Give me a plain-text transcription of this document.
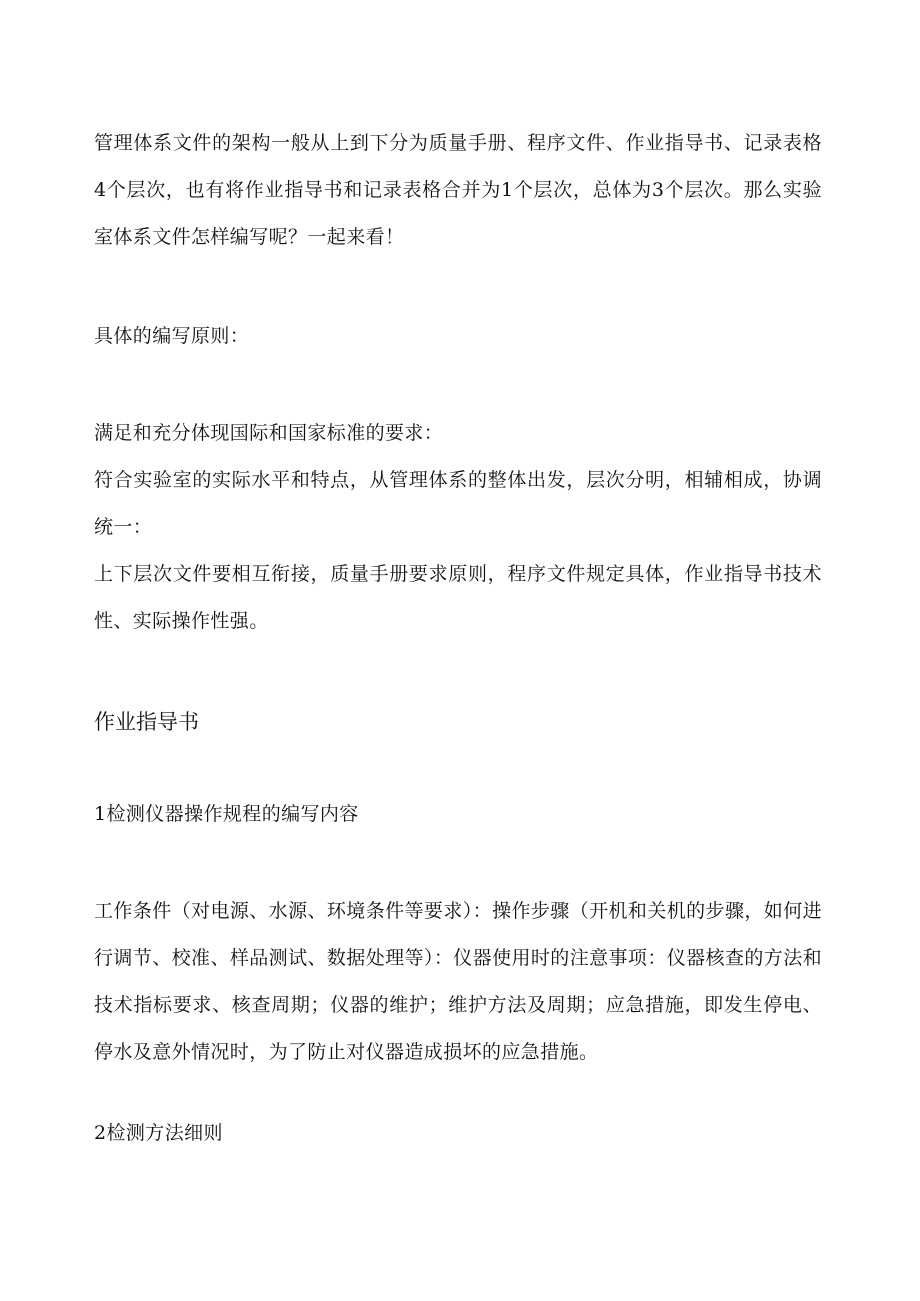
管理体系文件的架构一般从上到下分为质量手册、程序文件、作业指导书、记录表格4个层次，也有将作业指导书和记录表格合并为1个层次，总体为3个层次。那么实验室体系文件怎样编写呢？一起来看！
具体的编写原则：
满足和充分体现国际和国家标准的要求：
符合实验室的实际水平和特点，从管理体系的整体出发，层次分明，相辅相成，协调统一：
上下层次文件要相互衔接，质量手册要求原则，程序文件规定具体，作业指导书技术性、实际操作性强。
作业指导书
1检测仪器操作规程的编写内容
工作条件（对电源、水源、环境条件等要求）：操作步骤（开机和关机的步骤，如何进行调节、校准、样品测试、数据处理等）：仪器使用时的注意事项：仪器核查的方法和技术指标要求、核查周期；仪器的维护；维护方法及周期；应急措施，即发生停电、停水及意外情况时，为了防止对仪器造成损坏的应急措施。
2检测方法细则
